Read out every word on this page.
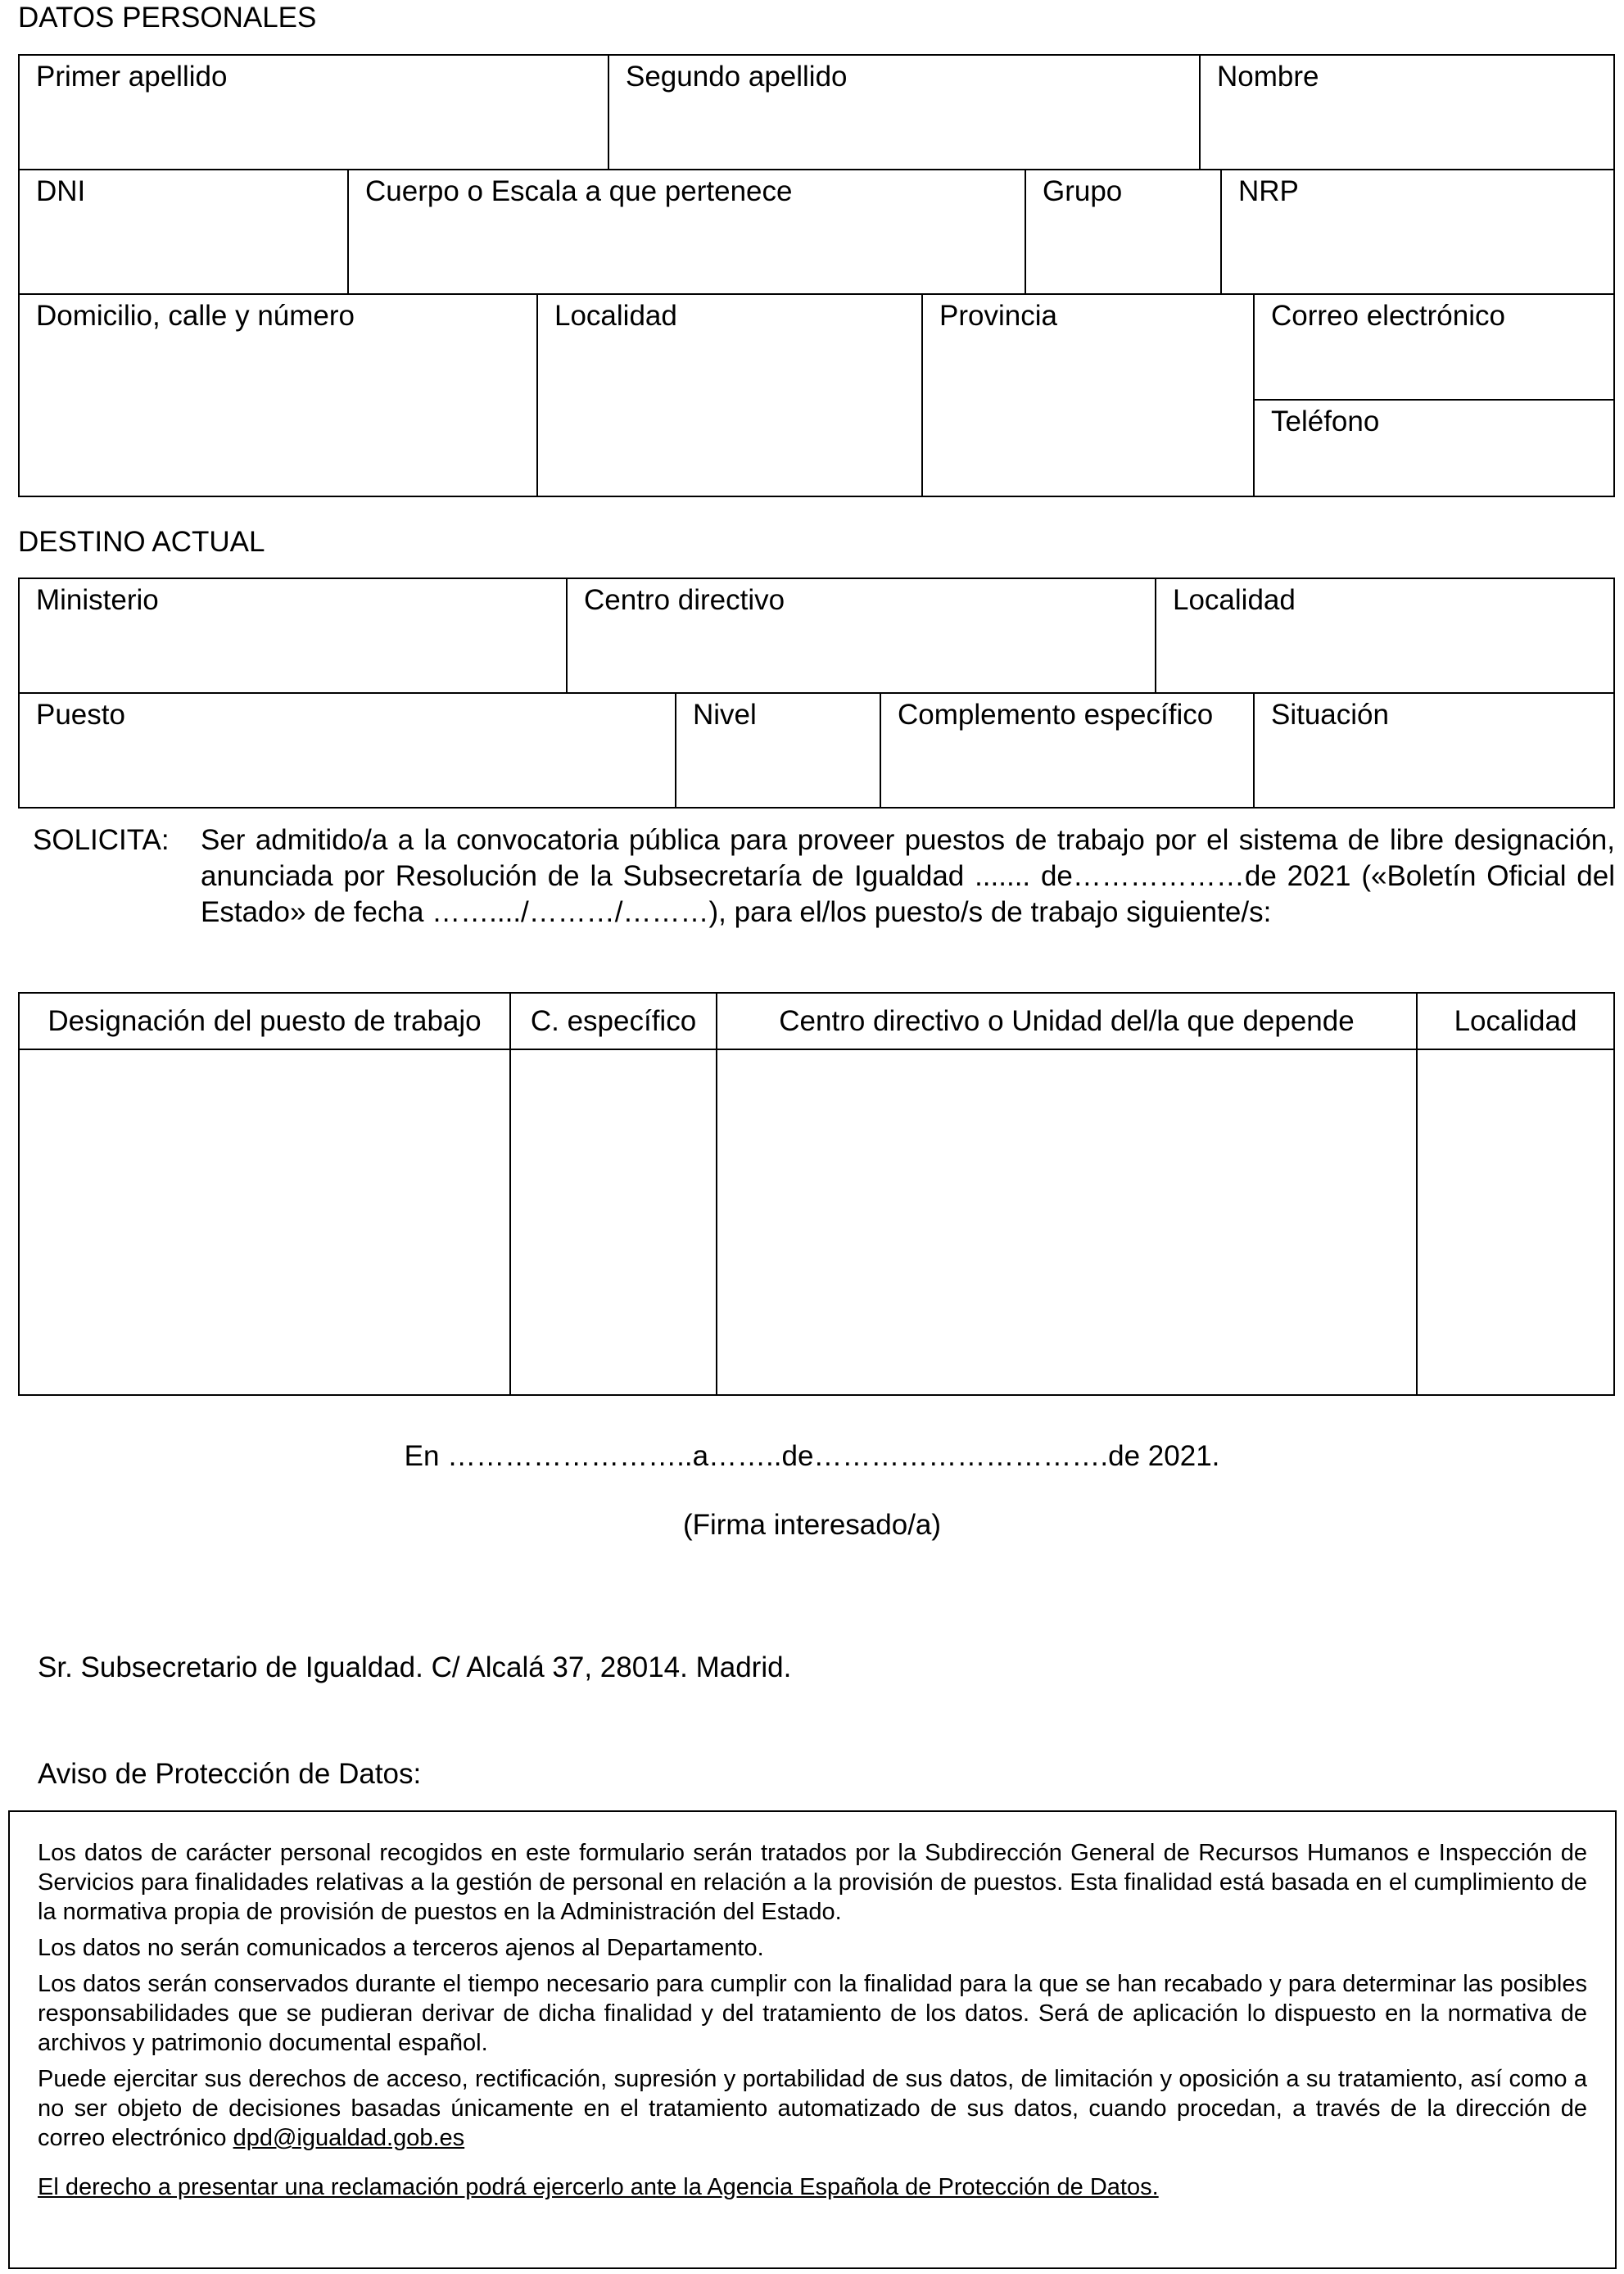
DATOS PERSONALES
Primer apellido	Segundo apellido	Nombre
DNI	Cuerpo o Escala a que pertenece	Grupo	NRP
Domicilio, calle y número	Localidad	Provincia	Correo electrónico
Teléfono
DESTINO ACTUAL
Ministerio	Centro directivo	Localidad
Puesto	Nivel	Complemento específico	Situación
SOLICITA: Ser admitido/a a la convocatoria pública para proveer puestos de trabajo por el sistema de libre designación, anunciada por Resolución de la Subsecretaría de Igualdad ....... de………………de 2021 («Boletín Oficial del Estado» de fecha ……..../………/………), para el/los puesto/s de trabajo siguiente/s:
Designación del puesto de trabajo	C. específico	Centro directivo o Unidad del/la que depende	Localidad
En ……………………..a……..de………………………….de 2021.
(Firma interesado/a)
Sr. Subsecretario de Igualdad. C/ Alcalá 37, 28014. Madrid.
Aviso de Protección de Datos:

Los datos de carácter personal recogidos en este formulario serán tratados por la Subdirección General de Recursos Humanos e Inspección de Servicios para finalidades relativas a la gestión de personal en relación a la provisión de puestos. Esta finalidad está basada en el cumplimiento de la normativa propia de provisión de puestos en la Administración del Estado.

Los datos no serán comunicados a terceros ajenos al Departamento.

Los datos serán conservados durante el tiempo necesario para cumplir con la finalidad para la que se han recabado y para determinar las posibles responsabilidades que se pudieran derivar de dicha finalidad y del tratamiento de los datos. Será de aplicación lo dispuesto en la normativa de archivos y patrimonio documental español.

Puede ejercitar sus derechos de acceso, rectificación, supresión y portabilidad de sus datos, de limitación y oposición a su tratamiento, así como a no ser objeto de decisiones basadas únicamente en el tratamiento automatizado de sus datos, cuando procedan, a través de la dirección de correo electrónico dpd@igualdad.gob.es

El derecho a presentar una reclamación podrá ejercerlo ante la Agencia Española de Protección de Datos.
